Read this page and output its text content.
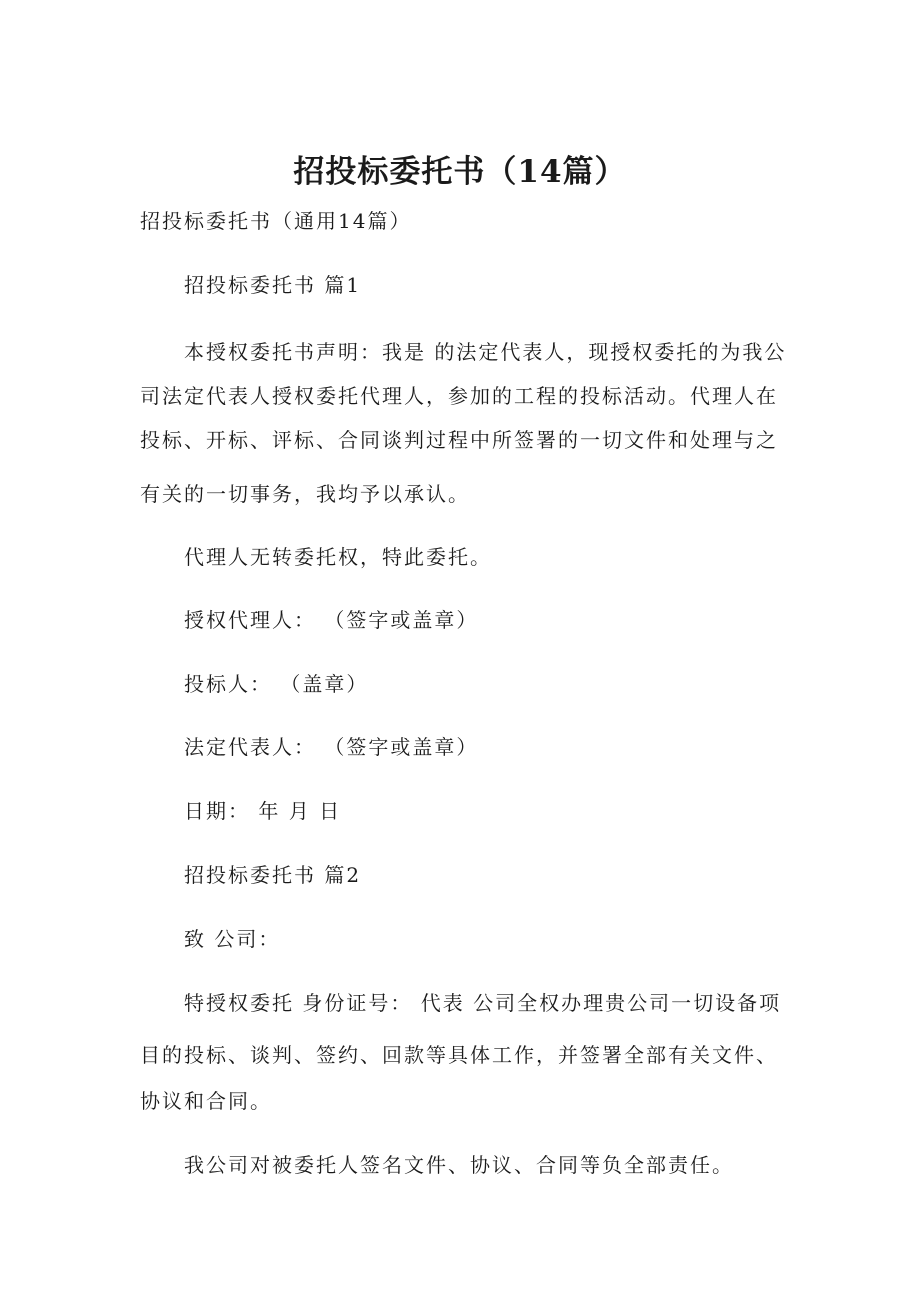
招投标委托书（14篇）

招投标委托书（通用14篇）

招投标委托书 篇1

本授权委托书声明：我是 的法定代表人，现授权委托的为我公

司法定代表人授权委托代理人，参加的工程的投标活动。代理人在

投标、开标、评标、合同谈判过程中所签署的一切文件和处理与之

有关的一切事务，我均予以承认。

代理人无转委托权，特此委托。

授权代理人： （签字或盖章）

投标人： （盖章）

法定代表人： （签字或盖章）

日期： 年 月 日

招投标委托书 篇2

致 公司：

特授权委托 身份证号： 代表 公司全权办理贵公司一切设备项

目的投标、谈判、签约、回款等具体工作，并签署全部有关文件、

协议和合同。

我公司对被委托人签名文件、协议、合同等负全部责任。
